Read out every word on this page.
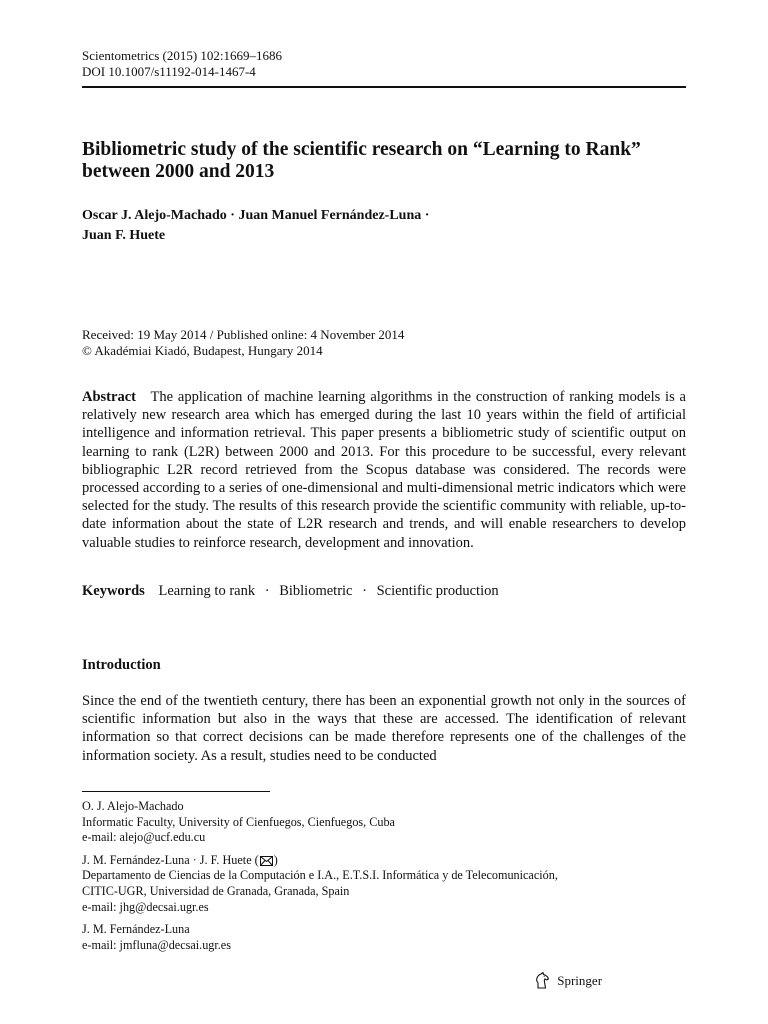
Scientometrics (2015) 102:1669–1686
DOI 10.1007/s11192-014-1467-4
Bibliometric study of the scientific research on “Learning to Rank” between 2000 and 2013
Oscar J. Alejo-Machado · Juan Manuel Fernández-Luna ·
Juan F. Huete
Received: 19 May 2014 / Published online: 4 November 2014
© Akadémiai Kiadó, Budapest, Hungary 2014
Abstract The application of machine learning algorithms in the construction of ranking models is a relatively new research area which has emerged during the last 10 years within the field of artificial intelligence and information retrieval. This paper presents a bibliometric study of scientific output on learning to rank (L2R) between 2000 and 2013. For this procedure to be successful, every relevant bibliographic L2R record retrieved from the Scopus database was considered. The records were processed according to a series of one-dimensional and multi-dimensional metric indicators which were selected for the study. The results of this research provide the scientific community with reliable, up-to-date information about the state of L2R research and trends, and will enable researchers to develop valuable studies to reinforce research, development and innovation.
Keywords Learning to rank · Bibliometric · Scientific production
Introduction
Since the end of the twentieth century, there has been an exponential growth not only in the sources of scientific information but also in the ways that these are accessed. The identification of relevant information so that correct decisions can be made therefore represents one of the challenges of the information society. As a result, studies need to be conducted
O. J. Alejo-Machado
Informatic Faculty, University of Cienfuegos, Cienfuegos, Cuba
e-mail: alejo@ucf.edu.cu
J. M. Fernández-Luna · J. F. Huete ( )
Departamento de Ciencias de la Computación e I.A., E.T.S.I. Informática y de Telecomunicación,
CITIC-UGR, Universidad de Granada, Granada, Spain
e-mail: jhg@decsai.ugr.es
J. M. Fernández-Luna
e-mail: jmfluna@decsai.ugr.es
Springer
